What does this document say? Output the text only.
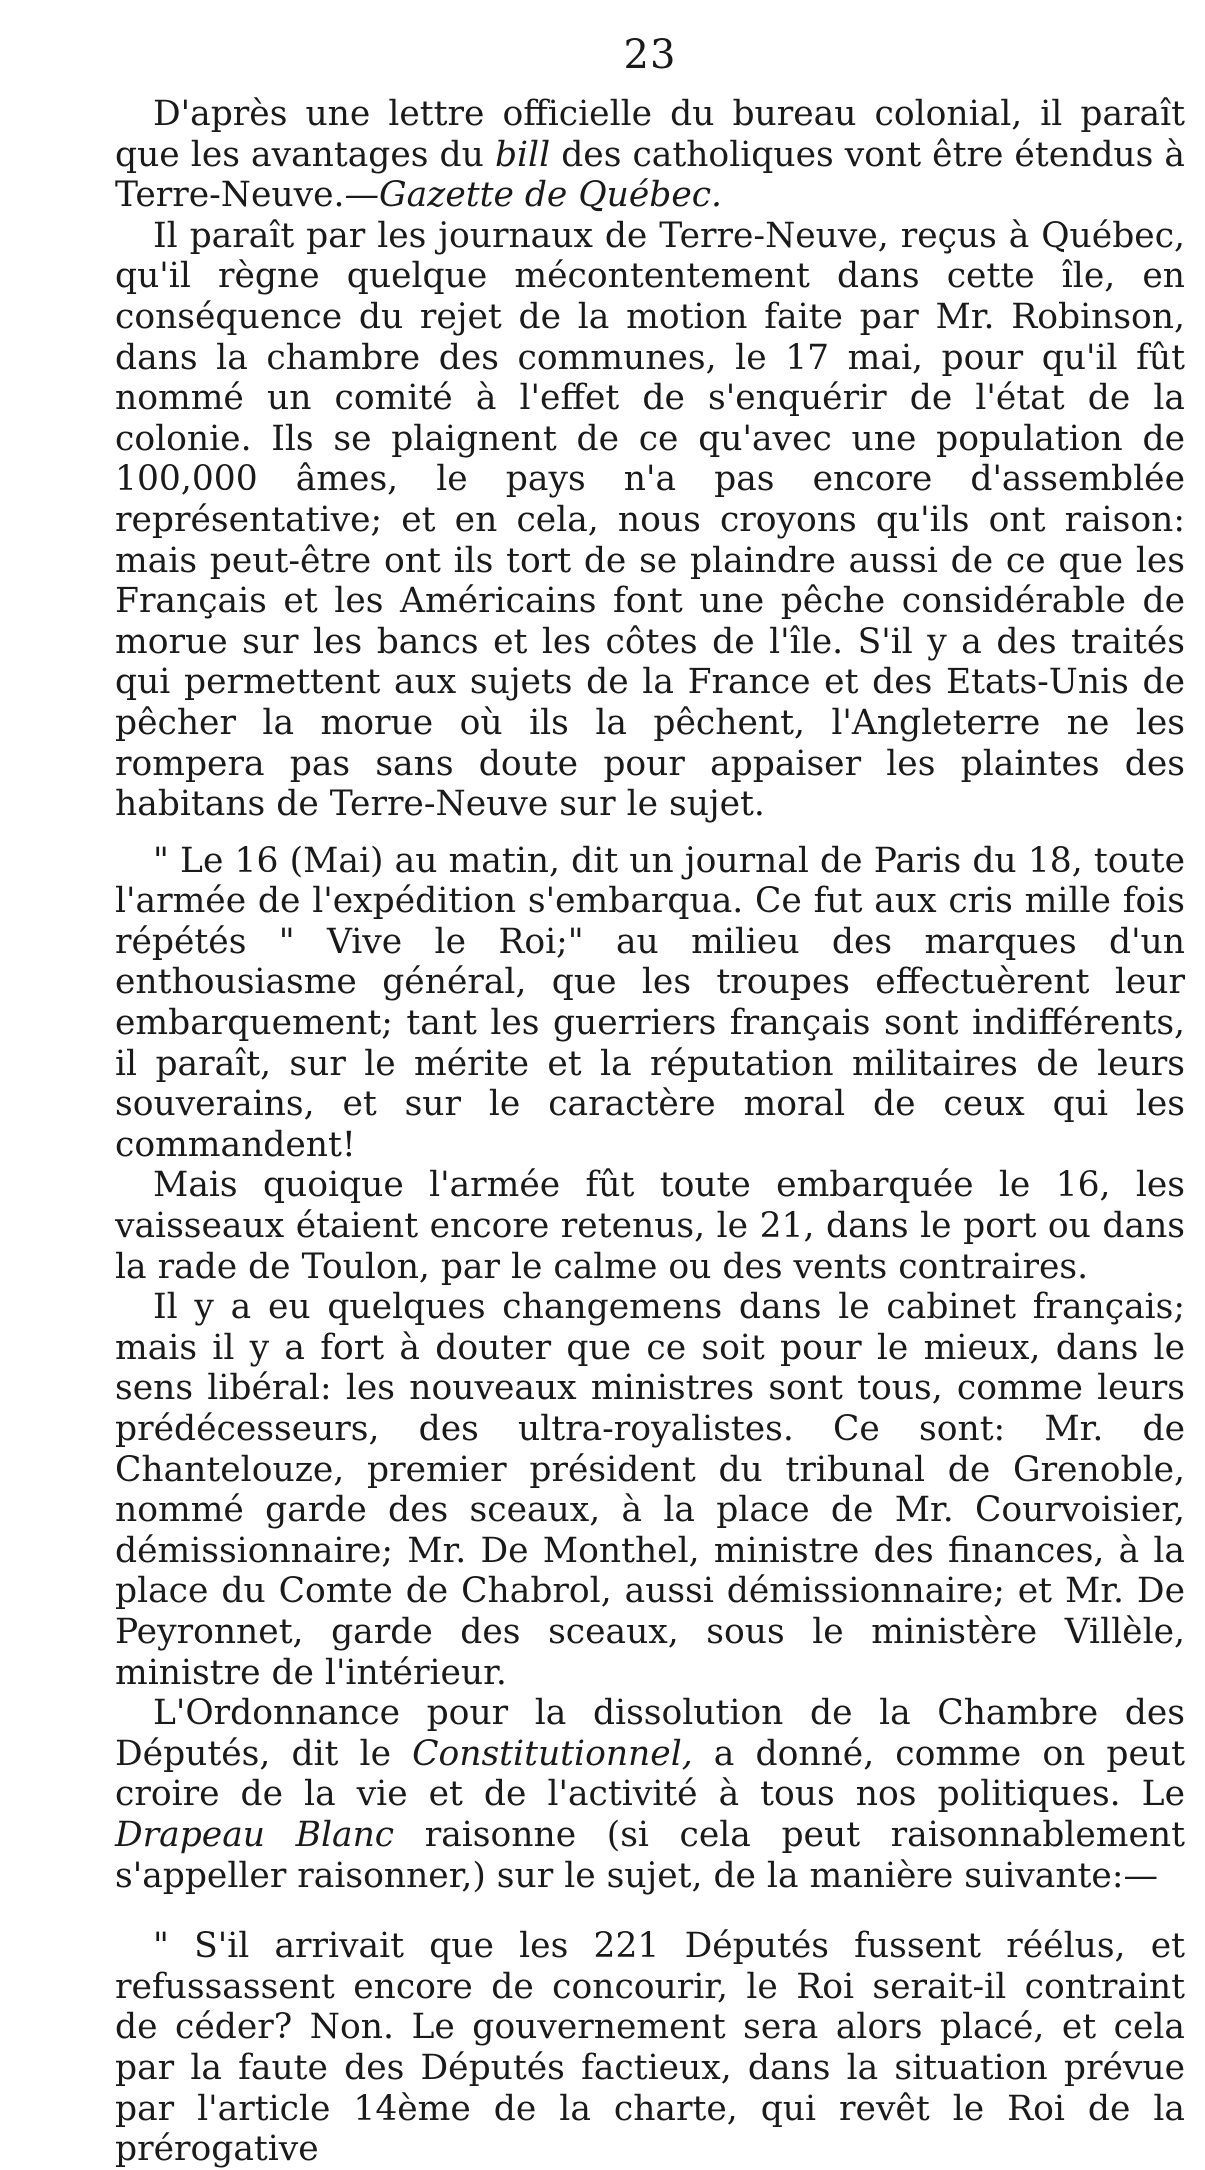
23

D'après une lettre officielle du bureau colonial, il paraît que les avantages du bill des catholiques vont être étendus à Terre-Neuve.—Gazette de Québec.

Il paraît par les journaux de Terre-Neuve, reçus à Québec, qu'il règne quelque mécontentement dans cette île, en conséquence du rejet de la motion faite par Mr. Robinson, dans la chambre des communes, le 17 mai, pour qu'il fût nommé un comité à l'effet de s'enquérir de l'état de la colonie. Ils se plaignent de ce qu'avec une population de 100,000 âmes, le pays n'a pas encore d'assemblée représentative; et en cela, nous croyons qu'ils ont raison: mais peut-être ont ils tort de se plaindre aussi de ce que les Français et les Américains font une pêche considérable de morue sur les bancs et les côtes de l'île. S'il y a des traités qui permettent aux sujets de la France et des Etats-Unis de pêcher la morue où ils la pêchent, l'Angleterre ne les rompera pas sans doute pour appaiser les plaintes des habitans de Terre-Neuve sur le sujet.

" Le 16 (Mai) au matin, dit un journal de Paris du 18, toute l'armée de l'expédition s'embarqua. Ce fut aux cris mille fois répétés " Vive le Roi;" au milieu des marques d'un enthousiasme général, que les troupes effectuèrent leur embarquement; tant les guerriers français sont indifférents, il paraît, sur le mérite et la réputation militaires de leurs souverains, et sur le caractère moral de ceux qui les commandent!

Mais quoique l'armée fût toute embarquée le 16, les vaisseaux étaient encore retenus, le 21, dans le port ou dans la rade de Toulon, par le calme ou des vents contraires.

Il y a eu quelques changemens dans le cabinet français; mais il y a fort à douter que ce soit pour le mieux, dans le sens libéral: les nouveaux ministres sont tous, comme leurs prédécesseurs, des ultra-royalistes. Ce sont: Mr. de Chantelouze, premier président du tribunal de Grenoble, nommé garde des sceaux, à la place de Mr. Courvoisier, démissionnaire; Mr. De Monthel, ministre des finances, à la place du Comte de Chabrol, aussi démissionnaire; et Mr. De Peyronnet, garde des sceaux, sous le ministère Villèle, ministre de l'intérieur.

L'Ordonnance pour la dissolution de la Chambre des Députés, dit le Constitutionnel, a donné, comme on peut croire de la vie et de l'activité à tous nos politiques. Le Drapeau Blanc raisonne (si cela peut raisonnablement s'appeller raisonner,) sur le sujet, de la manière suivante:—

" S'il arrivait que les 221 Députés fussent réélus, et refussassent encore de concourir, le Roi serait-il contraint de céder? Non. Le gouvernement sera alors placé, et cela par la faute des Députés factieux, dans la situation prévue par l'article 14ème de la charte, qui revêt le Roi de la prérogative
